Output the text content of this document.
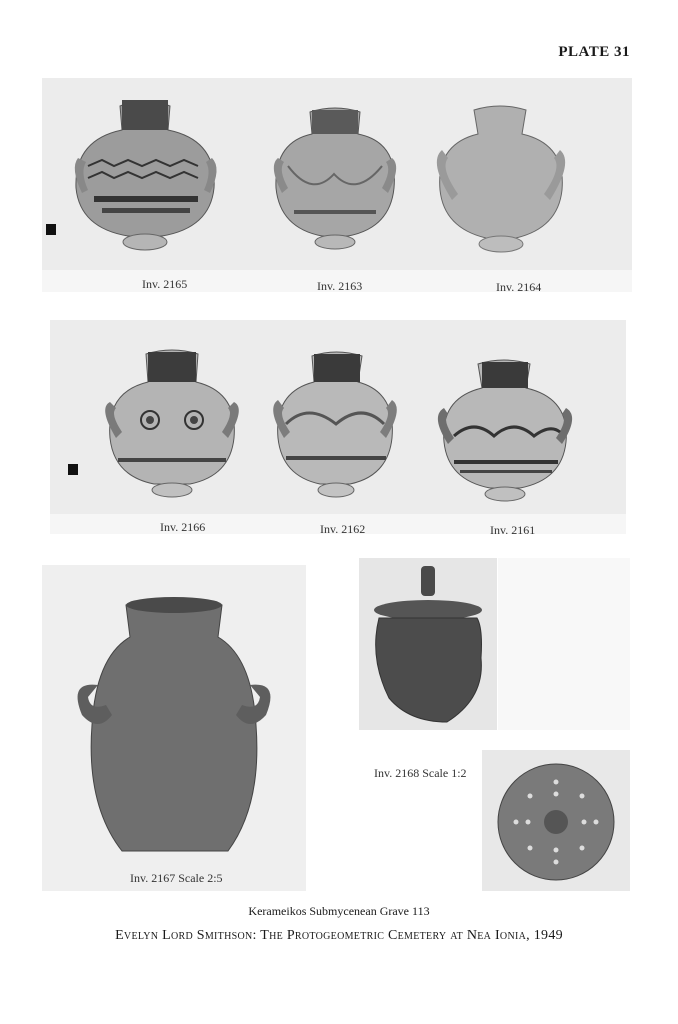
PLATE 31
Inv. 2165	Inv. 2163	Inv. 2164
Inv. 2166	Inv. 2162	Inv. 2161
Inv. 2167 Scale 2:5
Inv. 2168 Scale 1:2
Kerameikos Submycenean Grave 113
Evelyn Lord Smithson: The Protogeometric Cemetery at Nea Ionia, 1949
